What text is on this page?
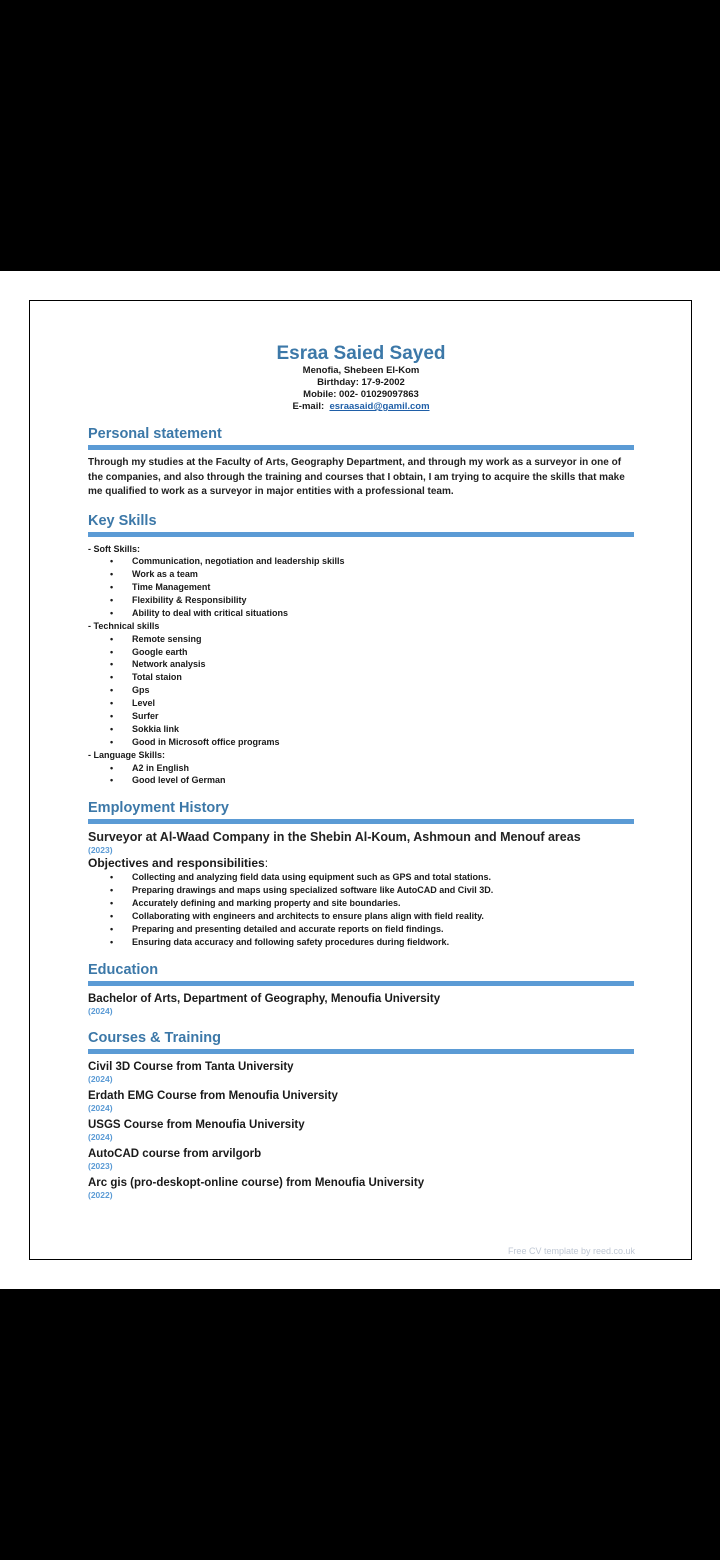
Esraa Saied Sayed
Menofia, Shebeen El-Kom
Birthday: 17-9-2002
Mobile: 002- 01029097863
E-mail: esraasaid@gamil.com
Personal statement
Through my studies at the Faculty of Arts, Geography Department, and through my work as a surveyor in one of the companies, and also through the training and courses that I obtain, I am trying to acquire the skills that make me qualified to work as a surveyor in major entities with a professional team.
Key Skills
- Soft Skills:
• Communication, negotiation and leadership skills
• Work as a team
• Time Management
• Flexibility & Responsibility
• Ability to deal with critical situations
- Technical skills
• Remote sensing
• Google earth
• Network analysis
• Total staion
• Gps
• Level
• Surfer
• Sokkia link
• Good in Microsoft office programs
- Language Skills:
• A2 in English
• Good level of German
Employment History
Surveyor at Al-Waad Company in the Shebin Al-Koum, Ashmoun and Menouf areas
(2023)
Objectives and responsibilities:
• Collecting and analyzing field data using equipment such as GPS and total stations.
• Preparing drawings and maps using specialized software like AutoCAD and Civil 3D.
• Accurately defining and marking property and site boundaries.
• Collaborating with engineers and architects to ensure plans align with field reality.
• Preparing and presenting detailed and accurate reports on field findings.
• Ensuring data accuracy and following safety procedures during fieldwork.
Education
Bachelor of Arts, Department of Geography, Menoufia University
(2024)
Courses & Training
Civil 3D Course from Tanta University
(2024)
Erdath EMG Course from Menoufia University
(2024)
USGS Course from Menoufia University
(2024)
AutoCAD course from arvilgorb
(2023)
Arc gis (pro-deskopt-online course) from Menoufia University
(2022)
Free CV template by reed.co.uk
